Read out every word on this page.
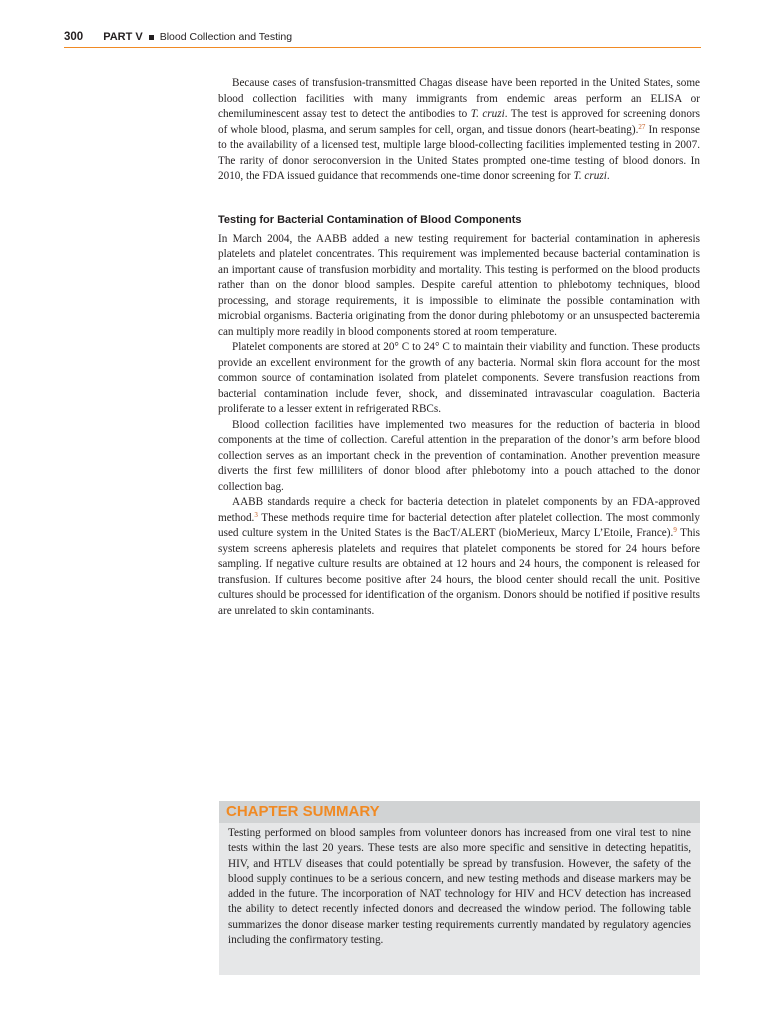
300 PART V Blood Collection and Testing

Because cases of transfusion-transmitted Chagas disease have been reported in the United States, some blood collection facilities with many immigrants from endemic areas perform an ELISA or chemiluminescent assay test to detect the antibodies to T. cruzi. The test is approved for screening donors of whole blood, plasma, and serum samples for cell, organ, and tissue donors (heart-beating).$^{27}$ In response to the availability of a licensed test, multiple large blood-collecting facilities implemented testing in 2007. The rarity of donor seroconversion in the United States prompted one-time testing of blood donors. In 2010, the FDA issued guidance that recommends one-time donor screening for T. cruzi.

Testing for Bacterial Contamination of Blood Components

In March 2004, the AABB added a new testing requirement for bacterial contamination in apheresis platelets and platelet concentrates. This requirement was implemented because bacterial contamination is an important cause of transfusion morbidity and mortality. This testing is performed on the blood products rather than on the donor blood samples. Despite careful attention to phlebotomy techniques, blood processing, and storage requirements, it is impossible to eliminate the possible contamination with microbial organisms. Bacteria originating from the donor during phlebotomy or an unsuspected bacteremia can multiply more readily in blood components stored at room temperature.

Platelet components are stored at 20° C to 24° C to maintain their viability and function. These products provide an excellent environment for the growth of any bacteria. Normal skin flora account for the most common source of contamination isolated from platelet components. Severe transfusion reactions from bacterial contamination include fever, shock, and disseminated intravascular coagulation. Bacteria proliferate to a lesser extent in refrigerated RBCs.

Blood collection facilities have implemented two measures for the reduction of bacteria in blood components at the time of collection. Careful attention in the preparation of the donor’s arm before blood collection serves as an important check in the prevention of contamination. Another prevention measure diverts the first few milliliters of donor blood after phlebotomy into a pouch attached to the donor collection bag.

AABB standards require a check for bacteria detection in platelet components by an FDA-approved method.$^3$ These methods require time for bacterial detection after platelet collection. The most commonly used culture system in the United States is the BacT/ALERT (bioMerieux, Marcy L’Etoile, France).$^9$ This system screens apheresis platelets and requires that platelet components be stored for 24 hours before sampling. If negative culture results are obtained at 12 hours and 24 hours, the component is released for transfusion. If cultures become positive after 24 hours, the blood center should recall the unit. Positive cultures should be processed for identification of the organism. Donors should be notified if positive results are unrelated to skin contaminants.

CHAPTER SUMMARY
Testing performed on blood samples from volunteer donors has increased from one viral test to nine tests within the last 20 years. These tests are also more specific and sensitive in detecting hepatitis, HIV, and HTLV diseases that could potentially be spread by transfusion. However, the safety of the blood supply continues to be a serious concern, and new testing methods and disease markers may be added in the future. The incorporation of NAT technology for HIV and HCV detection has increased the ability to detect recently infected donors and decreased the window period. The following table summarizes the donor disease marker testing requirements currently mandated by regulatory agencies including the confirmatory testing.
